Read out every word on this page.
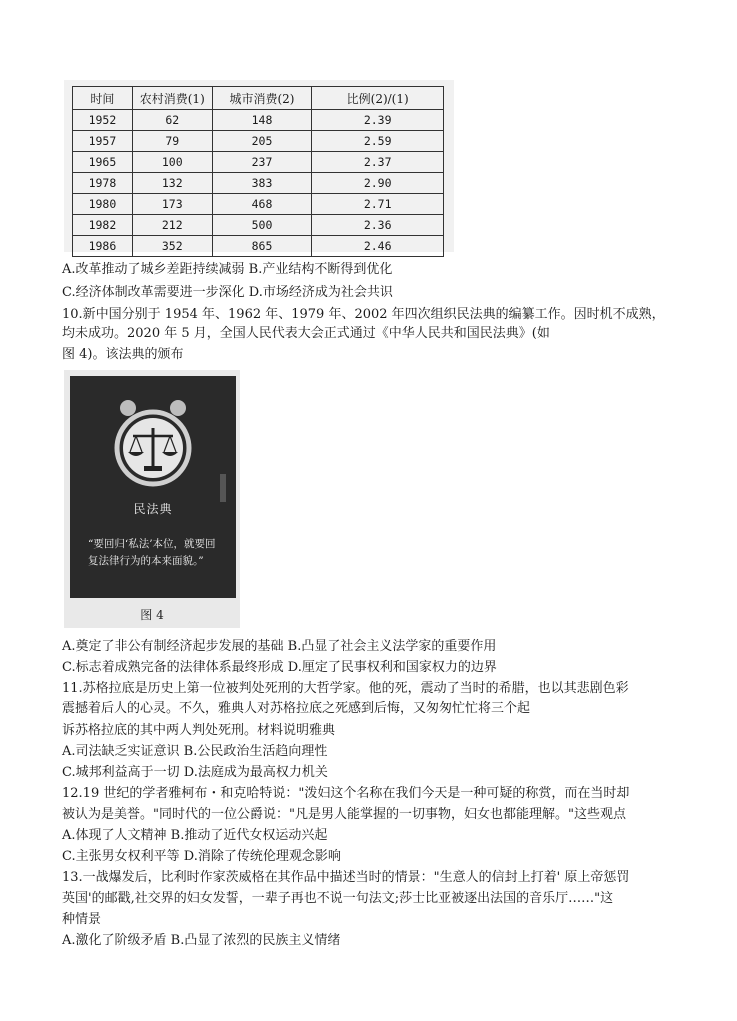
时间	农村消费(1)	城市消费(2)	比例(2)/(1)
1952	62	148	2.39
1957	79	205	2.59
1965	100	237	2.37
1978	132	383	2.90
1980	173	468	2.71
1982	212	500	2.36
1986	352	865	2.46
A.改革推动了城乡差距持续减弱 B.产业结构不断得到优化
C.经济体制改革需要进一步深化 D.市场经济成为社会共识
10.新中国分别于 1954 年、1962 年、1979 年、2002 年四次组织民法典的编纂工作。因时机不成熟，
均未成功。2020 年 5 月，全国人民代表大会正式通过《中华人民共和国民法典》(如
图 4)。该法典的颁布
民法典
“要回归‘私法’本位，就要回复法律行为的本来面貌。”
图 4
A.奠定了非公有制经济起步发展的基础 B.凸显了社会主义法学家的重要作用
C.标志着成熟完备的法律体系最终形成 D.厘定了民事权利和国家权力的边界
11.苏格拉底是历史上第一位被判处死刑的大哲学家。他的死，震动了当时的希腊，也以其悲剧色彩
震撼着后人的心灵。不久，雅典人对苏格拉底之死感到后悔，又匆匆忙忙将三个起
诉苏格拉底的其中两人判处死刑。材料说明雅典
A.司法缺乏实证意识 B.公民政治生活趋向理性
C.城邦利益高于一切 D.法庭成为最高权力机关
12.19 世纪的学者雅柯布・和克哈特说："泼妇这个名称在我们今天是一种可疑的称赏，而在当时却
被认为是美誉。"同时代的一位公爵说："凡是男人能掌握的一切事物，妇女也都能理解。"这些观点
A.体现了人文精神 B.推动了近代女权运动兴起
C.主张男女权利平等 D.消除了传统伦理观念影响
13.一战爆发后，比利时作家茨威格在其作品中描述当时的情景："生意人的信封上打着' 原上帝惩罚
英国'的邮戳,社交界的妇女发誓，一辈子再也不说一句法文;莎士比亚被逐出法国的音乐厅……"这
种情景
A.激化了阶级矛盾 B.凸显了浓烈的民族主义情绪
